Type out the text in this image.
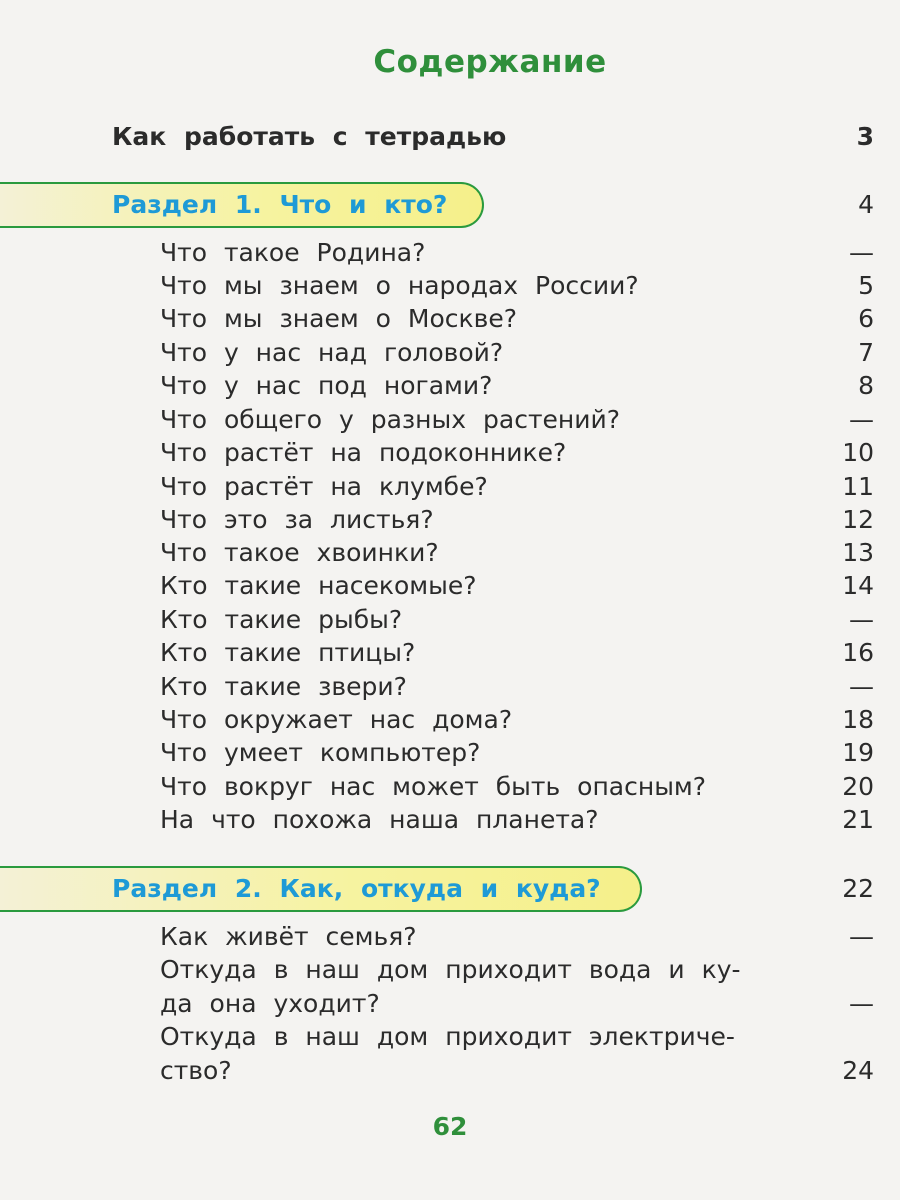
Содержание
Как работать с тетрадью	3
Раздел 1. Что и кто?	4
Что такое Родина?	—
Что мы знаем о народах России?	5
Что мы знаем о Москве?	6
Что у нас над головой?	7
Что у нас под ногами?	8
Что общего у разных растений?	—
Что растёт на подоконнике?	10
Что растёт на клумбе?	11
Что это за листья?	12
Что такое хвоинки?	13
Кто такие насекомые?	14
Кто такие рыбы?	—
Кто такие птицы?	16
Кто такие звери?	—
Что окружает нас дома?	18
Что умеет компьютер?	19
Что вокруг нас может быть опасным?	20
На что похожа наша планета?	21
Раздел 2. Как, откуда и куда?	22
Как живёт семья?	—
Откуда в наш дом приходит вода и ку-
да она уходит?	—
Откуда в наш дом приходит электриче-
ство?	24
62
